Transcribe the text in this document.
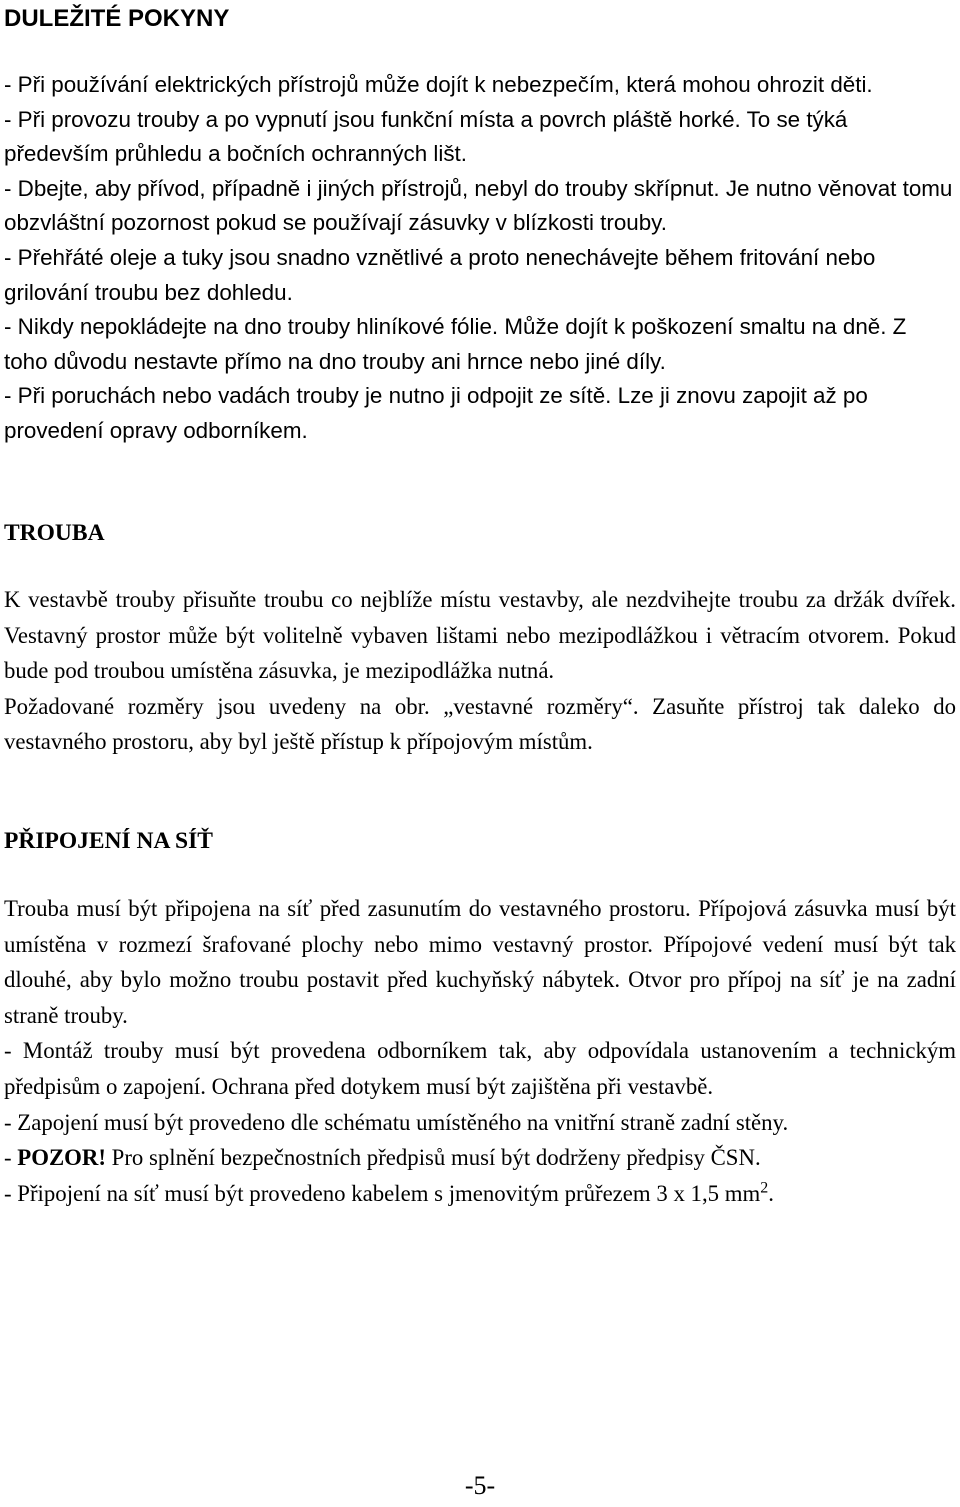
DULEŽITÉ POKYNY

- Při používání elektrických přístrojů může dojít k nebezpečím, která mohou ohrozit děti.

- Při provozu trouby a po vypnutí jsou funkční místa a povrch pláště horké. To se týká především průhledu a bočních ochranných lišt.

- Dbejte, aby přívod, případně i jiných přístrojů, nebyl do trouby skřípnut. Je nutno věnovat tomu obzvláštní pozornost pokud se používají zásuvky v blízkosti trouby.

- Přehřáté oleje a tuky jsou snadno vznětlivé a proto nenechávejte během fritování nebo grilování troubu bez dohledu.

- Nikdy nepokládejte na dno trouby hliníkové fólie. Může dojít k poškození smaltu na dně. Z toho důvodu nestavte přímo na dno trouby ani hrnce nebo jiné díly.

- Při poruchách nebo vadách trouby je nutno ji odpojit ze sítě. Lze ji znovu zapojit až po provedení opravy odborníkem.

TROUBA

K vestavbě trouby přisuňte troubu co nejblíže místu vestavby, ale nezdvihejte troubu za držák dvířek. Vestavný prostor může být volitelně vybaven lištami nebo mezipodlážkou i větracím otvorem. Pokud bude pod troubou umístěna zásuvka, je mezipodlážka nutná.

Požadované rozměry jsou uvedeny na obr. „vestavné rozměry“. Zasuňte přístroj tak daleko do vestavného prostoru, aby byl ještě přístup k přípojovým místům.

PŘIPOJENÍ NA SÍŤ

Trouba musí být připojena na síť před zasunutím do vestavného prostoru. Přípojová zásuvka musí být umístěna v rozmezí šrafované plochy nebo mimo vestavný prostor. Přípojové vedení musí být tak dlouhé, aby bylo možno troubu postavit před kuchyňský nábytek. Otvor pro přípoj na síť je na zadní straně trouby.

- Montáž trouby musí být provedena odborníkem tak, aby odpovídala ustanovením a technickým předpisům o zapojení. Ochrana před dotykem musí být zajištěna při vestavbě.

- Zapojení musí být provedeno dle schématu umístěného na vnitřní straně zadní stěny.

- POZOR! Pro splnění bezpečnostních předpisů musí být dodrženy předpisy ČSN.

- Připojení na síť musí být provedeno kabelem s jmenovitým průřezem 3 x 1,5 $mm^2$.

-5-
